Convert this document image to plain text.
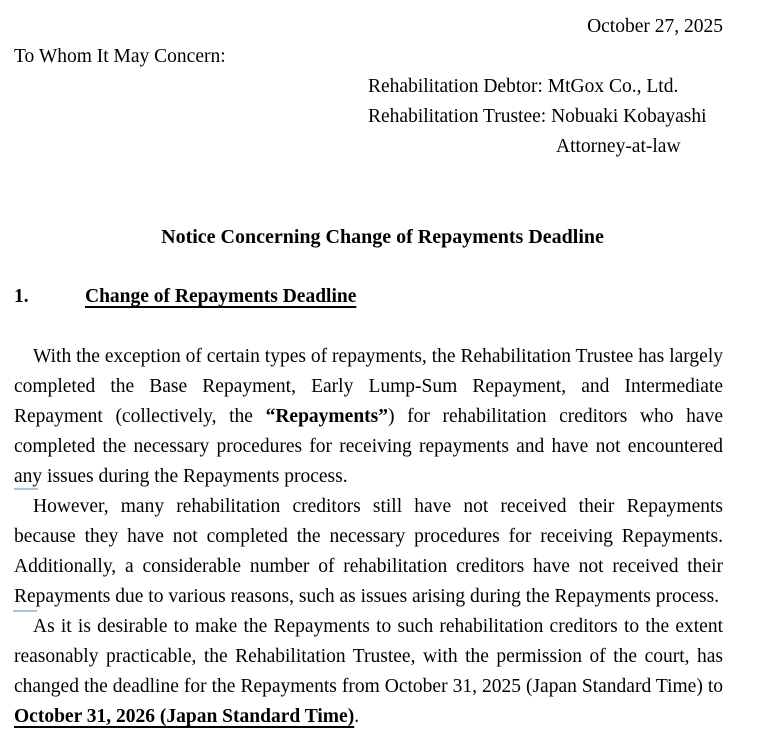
October 27, 2025
To Whom It May Concern:
Rehabilitation Debtor: MtGox Co., Ltd.
Rehabilitation Trustee: Nobuaki Kobayashi
Attorney-at-law
Notice Concerning Change of Repayments Deadline
1.	Change of Repayments Deadline

With the exception of certain types of repayments, the Rehabilitation Trustee has largely completed the Base Repayment, Early Lump-Sum Repayment, and Intermediate Repayment (collectively, the “Repayments”) for rehabilitation creditors who have completed the necessary procedures for receiving repayments and have not encountered any issues during the Repayments process.

However, many rehabilitation creditors still have not received their Repayments because they have not completed the necessary procedures for receiving Repayments. Additionally, a considerable number of rehabilitation creditors have not received their Repayments due to various reasons, such as issues arising during the Repayments process.

As it is desirable to make the Repayments to such rehabilitation creditors to the extent reasonably practicable, the Rehabilitation Trustee, with the permission of the court, has changed the deadline for the Repayments from October 31, 2025 (Japan Standard Time) to October 31, 2026 (Japan Standard Time).
